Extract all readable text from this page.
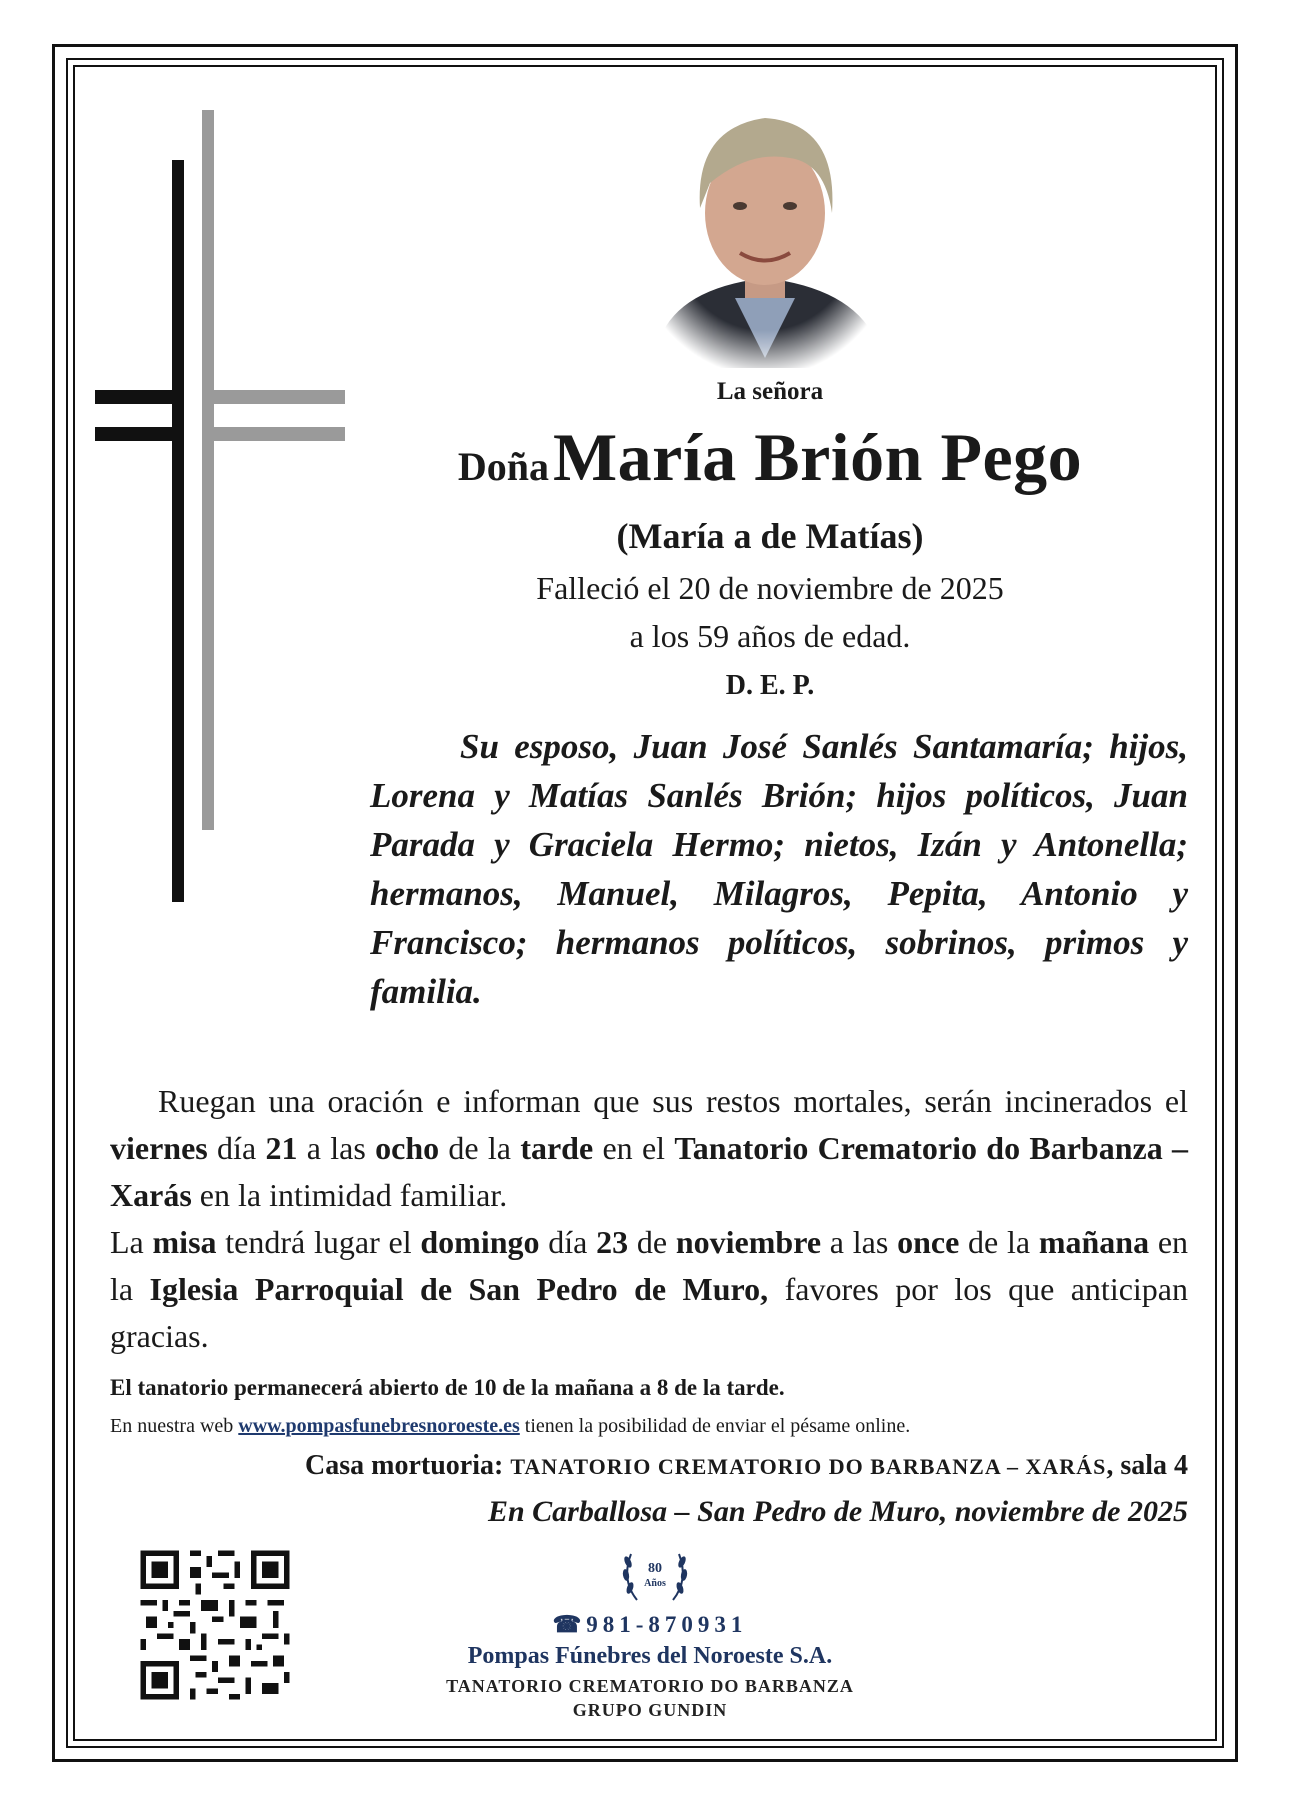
La señora
Doña María Brión Pego
(María a de Matías)
Falleció el 20 de noviembre de 2025
a los 59 años de edad.
D. E. P.
Su esposo, Juan José Sanlés Santamaría; hijos, Lorena y Matías Sanlés Brión; hijos políticos, Juan Parada y Graciela Hermo; nietos, Izán y Antonella; hermanos, Manuel, Milagros, Pepita, Antonio y Francisco; hermanos políticos, sobrinos, primos y familia.
Ruegan una oración e informan que sus restos mortales, serán incinerados el viernes día 21 a las ocho de la tarde en el Tanatorio Crematorio do Barbanza – Xarás en la intimidad familiar.
La misa tendrá lugar el domingo día 23 de noviembre a las once de la mañana en la Iglesia Parroquial de San Pedro de Muro, favores por los que anticipan gracias.
El tanatorio permanecerá abierto de 10 de la mañana a 8 de la tarde.
En nuestra web www.pompasfunebresnoroeste.es tienen la posibilidad de enviar el pésame online.
Casa mortuoria: TANATORIO CREMATORIO DO BARBANZA – XARÁS, sala 4
En Carballosa – San Pedro de Muro, noviembre de 2025
80
Años
☎981-870931
Pompas Fúnebres del Noroeste S.A.
TANATORIO CREMATORIO DO BARBANZA
GRUPO GUNDIN
